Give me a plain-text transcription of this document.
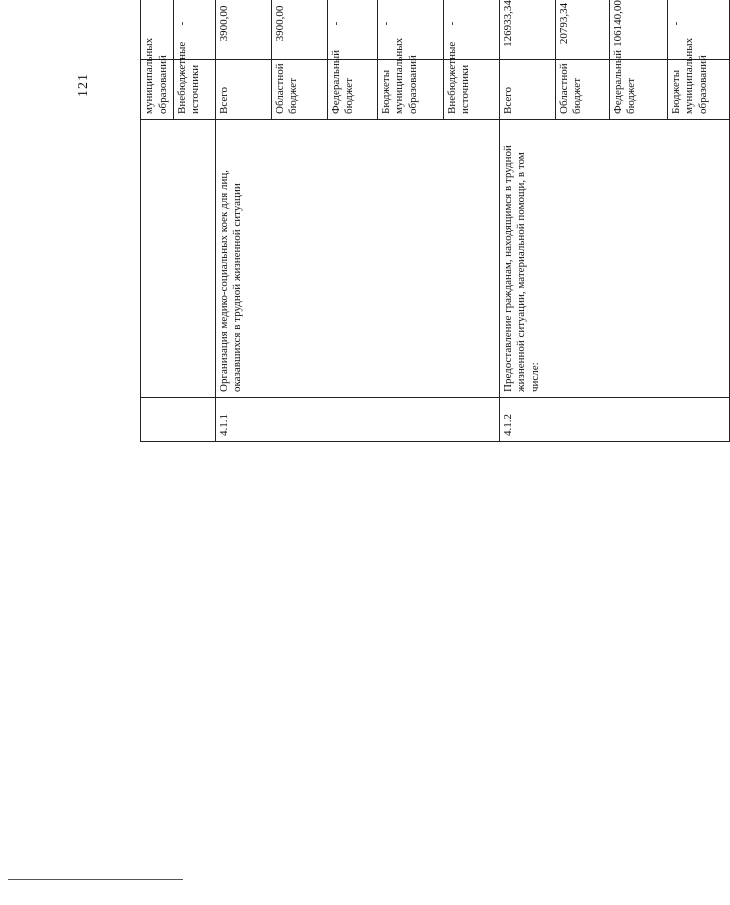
121
			муниципальных образований						
		Внебюджетные источники	-					
4.1.1	Организация медико-социальных коек для лиц, оказавшихся в трудной жизненной ситуации	Всего	3900,00					
		Областной бюджет	3900,00					
		Федеральный бюджет	-					
		Бюджеты муниципальных образований	-					
		Внебюджетные источники	-					
4.1.2	Предоставление гражданам, находящимся в трудной жизненной ситуации, материальной помощи, в том числе:	Всего	126933,34					
		Областной бюджет	20793,34					
		Федеральный бюджет	106140,00					
		Бюджеты муниципальных образований	-					
